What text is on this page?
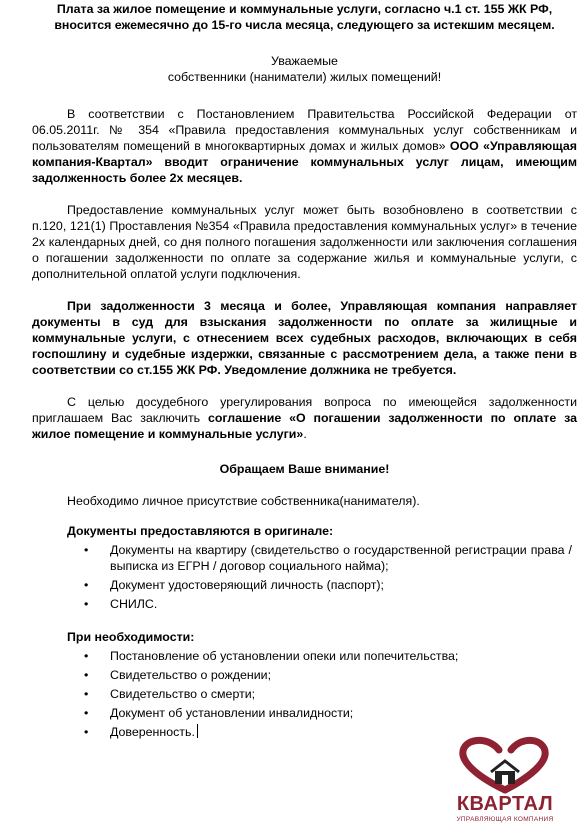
Плата за жилое помещение и коммунальные услуги, согласно ч.1 ст. 155 ЖК РФ,
вносится ежемесячно до 15-го числа месяца, следующего за истекшим месяцем.
Уважаемые
собственники (наниматели) жилых помещений!

В соответствии с Постановлением Правительства Российской Федерации от 06.05.2011г. № 354 «Правила предоставления коммунальных услуг собственникам и пользователям помещений в многоквартирных домах и жилых домов» ООО «Управляющая компания-Квартал» вводит ограничение коммунальных услуг лицам, имеющим задолженность более 2х месяцев.

Предоставление коммунальных услуг может быть возобновлено в соответствии с п.120, 121(1) Проставления №354 «Правила предоставления коммунальных услуг» в течение 2х календарных дней, со дня полного погашения задолженности или заключения соглашения о погашении задолженности по оплате за содержание жилья и коммунальные услуги, с дополнительной оплатой услуги подключения.

При задолженности 3 месяца и более, Управляющая компания направляет документы в суд для взыскания задолженности по оплате за жилищные и коммунальные услуги, с отнесением всех судебных расходов, включающих в себя госпошлину и судебные издержки, связанные с рассмотрением дела, а также пени в соответствии со ст.155 ЖК РФ. Уведомление должника не требуется.

С целью досудебного урегулирования вопроса по имеющейся задолженности приглашаем Вас заключить соглашение «О погашении задолженности по оплате за жилое помещение и коммунальные услуги».

Обращаем Ваше внимание!
Необходимо личное присутствие собственника(нанимателя).
Документы предоставляются в оригинале:
• Документы на квартиру (свидетельство о государственной регистрации права / выписка из ЕГРН / договор социального найма);
• Документ удостоверяющий личность (паспорт);
• СНИЛС.
При необходимости:
• Постановление об установлении опеки или попечительства;
• Свидетельство о рождении;
• Свидетельство о смерти;
• Документ об установлении инвалидности;
• Доверенность.
КВАРТАЛ
УПРАВЛЯЮЩАЯ КОМПАНИЯ
